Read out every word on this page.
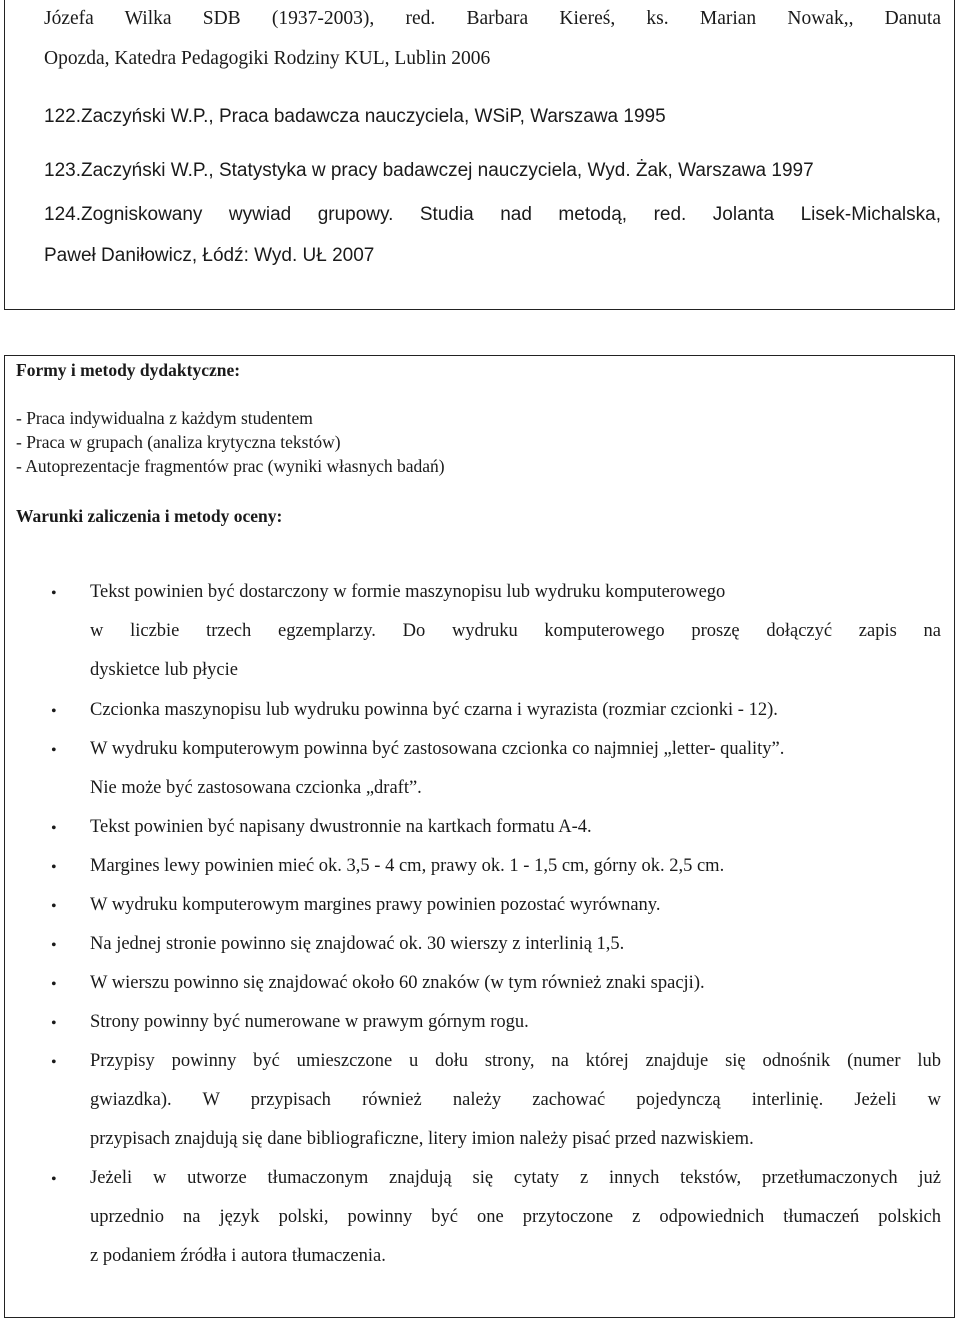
Józefa Wilka SDB (1937-2003), red. Barbara Kiereś, ks. Marian Nowak,, Danuta
Opozda, Katedra Pedagogiki Rodziny KUL, Lublin 2006
122.Zaczyński W.P., Praca badawcza nauczyciela, WSiP, Warszawa 1995
123.Zaczyński W.P., Statystyka w pracy badawczej nauczyciela, Wyd. Żak, Warszawa 1997
124.Zogniskowany wywiad grupowy. Studia nad metodą, red. Jolanta Lisek-Michalska,
Paweł Daniłowicz, Łódź: Wyd. UŁ 2007
Formy i metody dydaktyczne:
- Praca indywidualna z każdym studentem
- Praca w grupach (analiza krytyczna tekstów)
- Autoprezentacje fragmentów prac (wyniki własnych badań)
Warunki zaliczenia i metody oceny:
• Tekst powinien być dostarczony w formie maszynopisu lub wydruku komputerowego
w liczbie trzech egzemplarzy. Do wydruku komputerowego proszę dołączyć zapis na
dyskietce lub płycie
• Czcionka maszynopisu lub wydruku powinna być czarna i wyrazista (rozmiar czcionki - 12).
• W wydruku komputerowym powinna być zastosowana czcionka co najmniej „letter- quality”.
Nie może być zastosowana czcionka „draft”.
• Tekst powinien być napisany dwustronnie na kartkach formatu A-4.
• Margines lewy powinien mieć ok. 3,5 - 4 cm, prawy ok. 1 - 1,5 cm, górny ok. 2,5 cm.
• W wydruku komputerowym margines prawy powinien pozostać wyrównany.
• Na jednej stronie powinno się znajdować ok. 30 wierszy z interlinią 1,5.
• W wierszu powinno się znajdować około 60 znaków (w tym również znaki spacji).
• Strony powinny być numerowane w prawym górnym rogu.
• Przypisy powinny być umieszczone u dołu strony, na której znajduje się odnośnik (numer lub
gwiazdka). W przypisach również należy zachować pojedynczą interlinię. Jeżeli w
przypisach znajdują się dane bibliograficzne, litery imion należy pisać przed nazwiskiem.
• Jeżeli w utworze tłumaczonym znajdują się cytaty z innych tekstów, przetłumaczonych już
uprzednio na język polski, powinny być one przytoczone z odpowiednich tłumaczeń polskich
z podaniem źródła i autora tłumaczenia.
